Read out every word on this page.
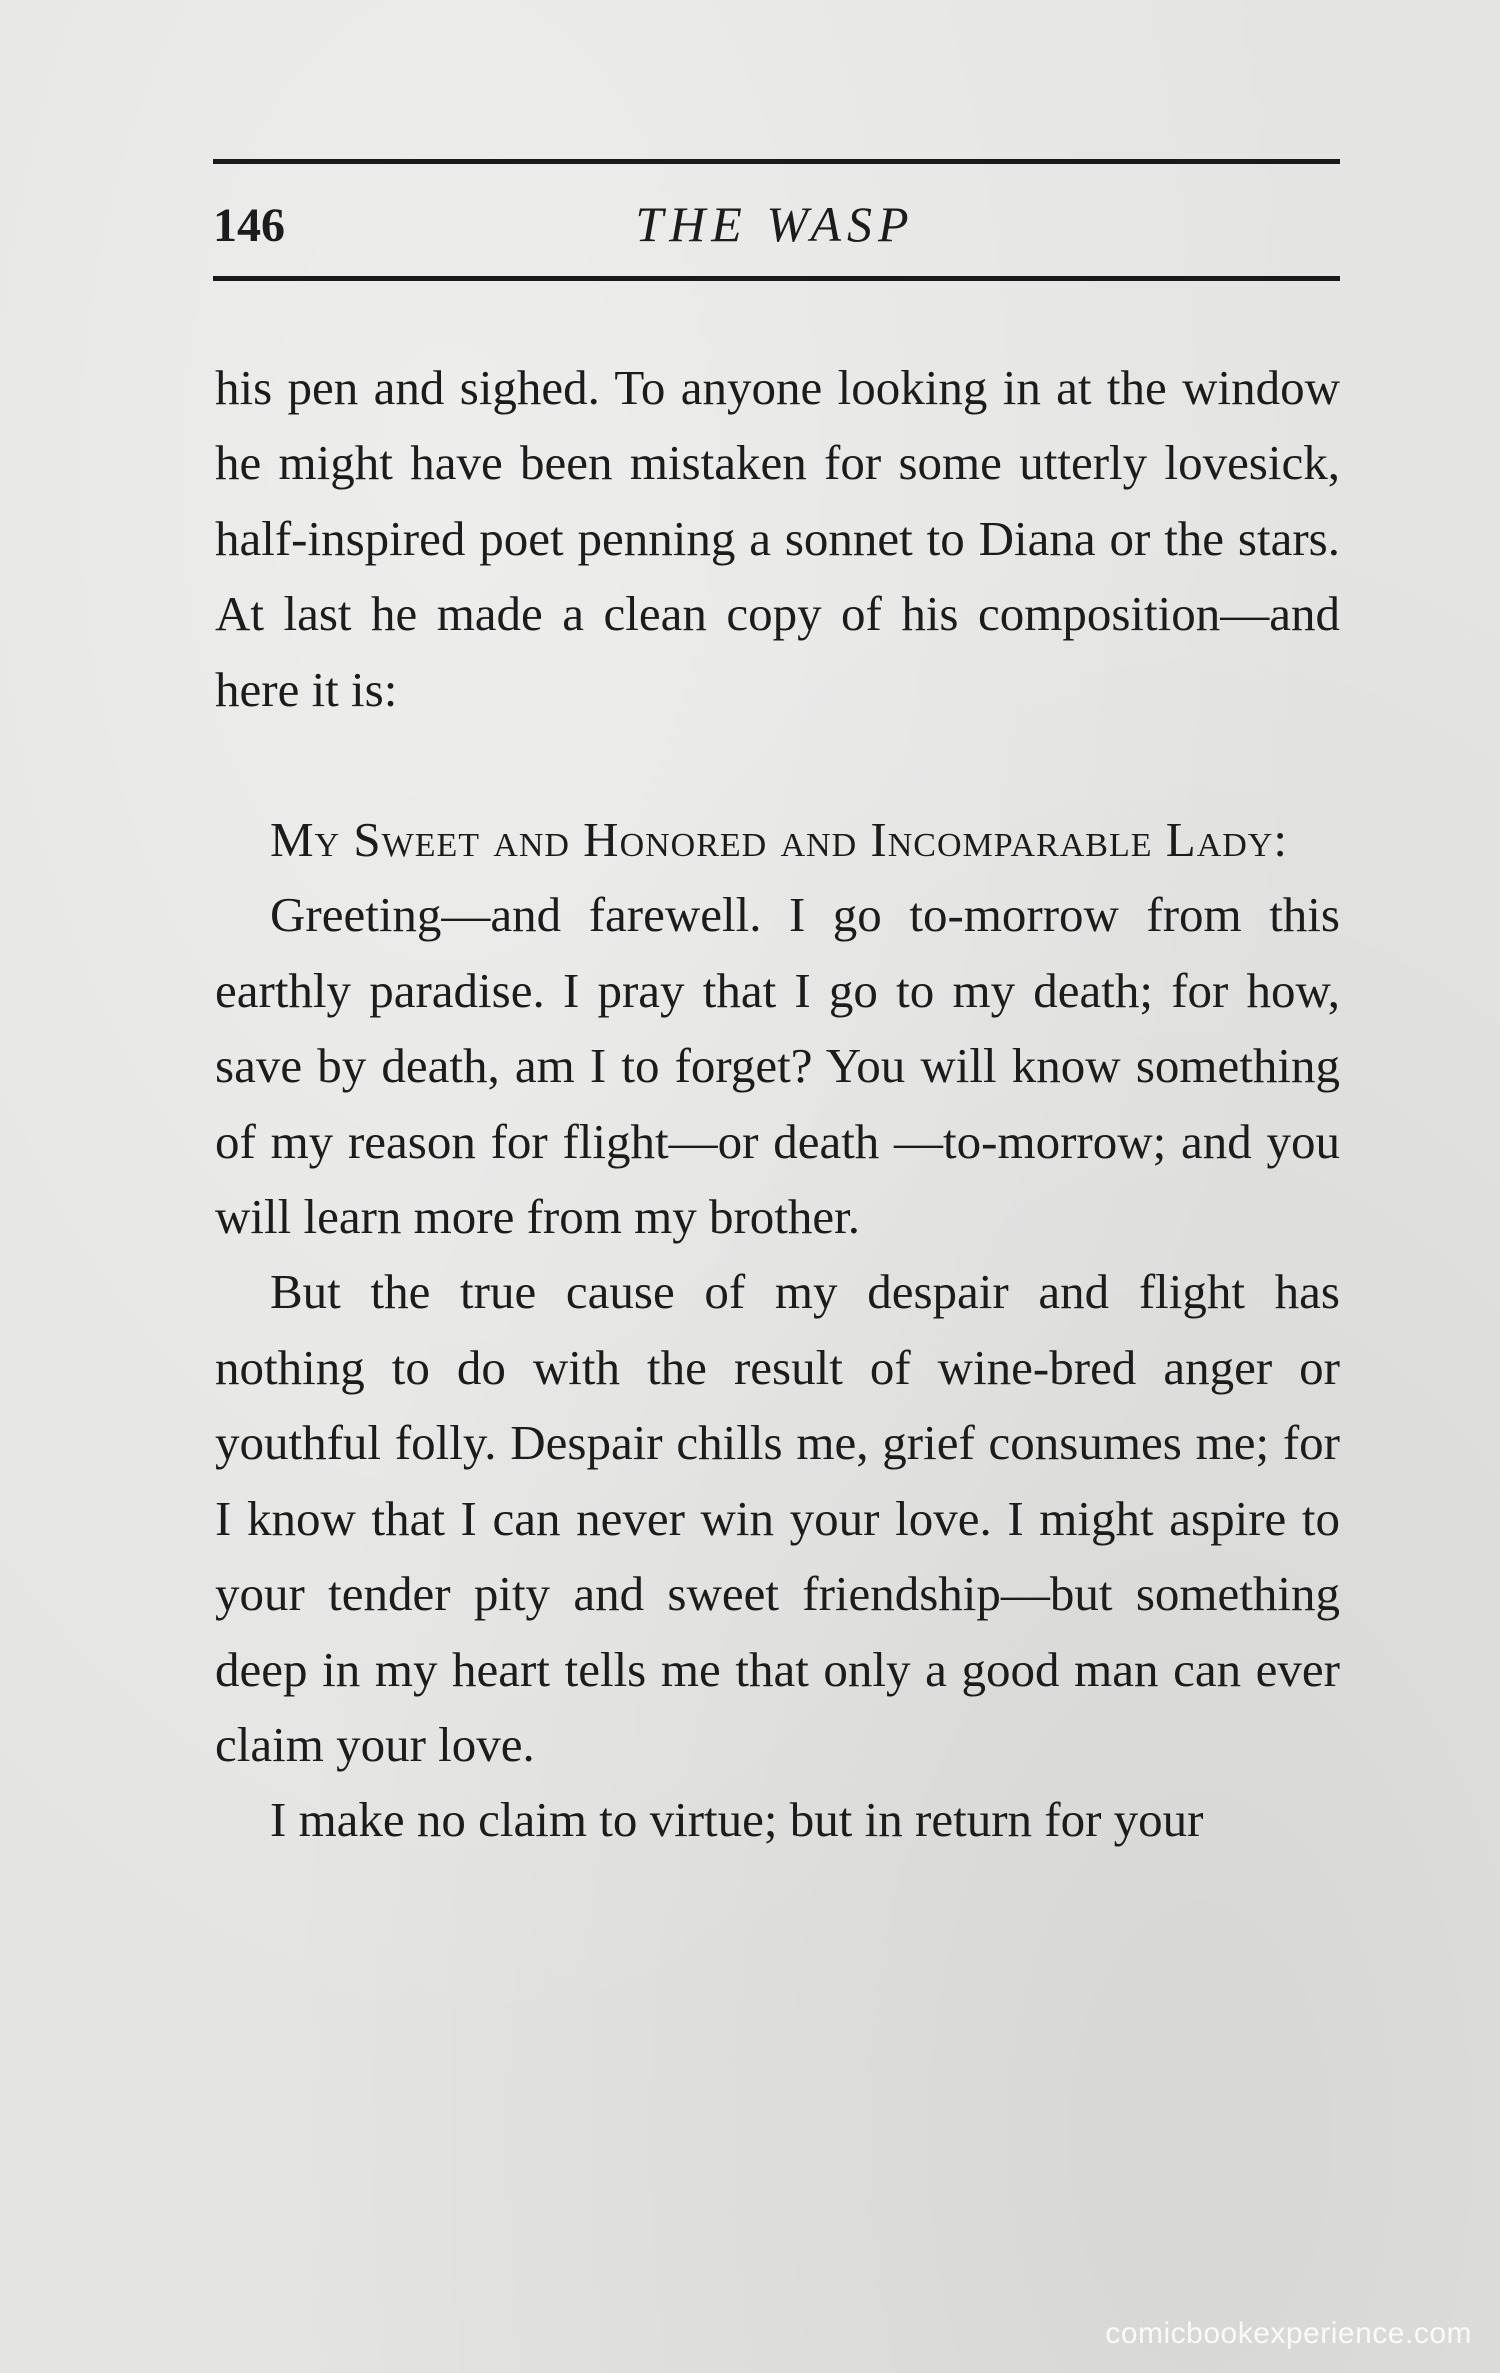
146	THE WASP

his pen and sighed. To anyone looking in at the window he might have been mistaken for some utterly lovesick, half-inspired poet penning a sonnet to Diana or the stars. At last he made a clean copy of his composition—and here it is:

My Sweet and Honored and Incomparable Lady:

Greeting—and farewell. I go to-morrow from this earthly paradise. I pray that I go to my death; for how, save by death, am I to forget? You will know something of my reason for flight—or death —to-morrow; and you will learn more from my brother.

But the true cause of my despair and flight has nothing to do with the result of wine-bred anger or youthful folly. Despair chills me, grief consumes me; for I know that I can never win your love. I might aspire to your tender pity and sweet friendship—but something deep in my heart tells me that only a good man can ever claim your love.

I make no claim to virtue; but in return for your

comicbookexperience.com
